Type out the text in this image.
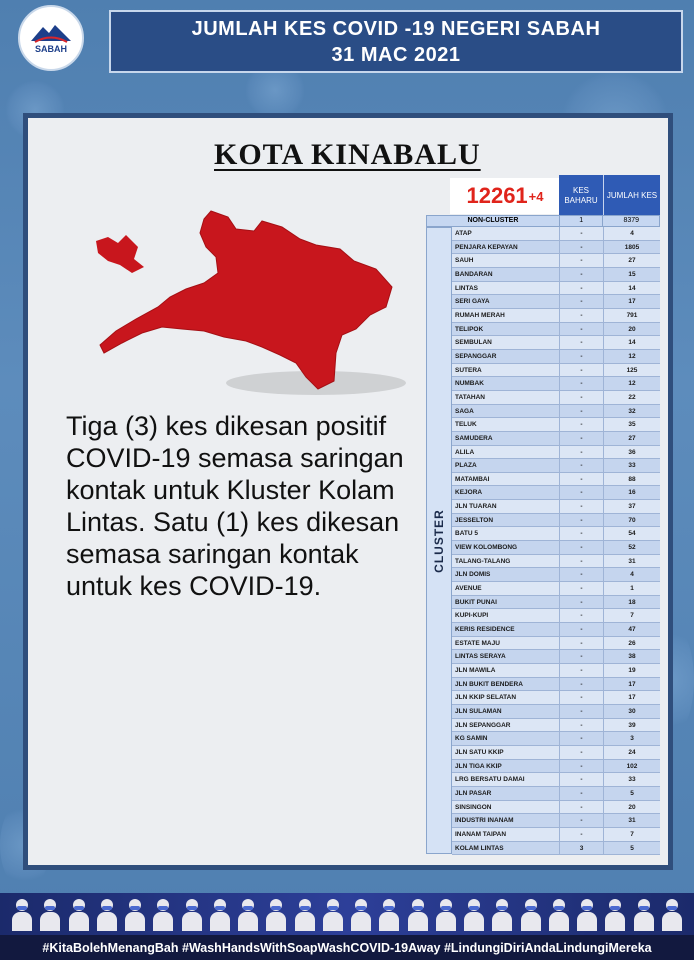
SABAH
JUMLAH KES COVID -19 NEGERI SABAH
31 MAC 2021
KOTA KINABALU
Tiga (3) kes dikesan positif COVID-19 semasa saringan kontak untuk Kluster Kolam Lintas. Satu (1) kes dikesan semasa saringan kontak untuk kes COVID-19.
12261 +4	KES BAHARU
JUMLAH KES
NON-CLUSTER	1	8379
CLUSTER
ATAP	-	4
PENJARA KEPAYAN	-	1805
SAUH	-	27
BANDARAN	-	15
LINTAS	-	14
SERI GAYA	-	17
RUMAH MERAH	-	791
TELIPOK	-	20
SEMBULAN	-	14
SEPANGGAR	-	12
SUTERA	-	125
NUMBAK	-	12
TATAHAN	-	22
SAGA	-	32
TELUK	-	35
SAMUDERA	-	27
ALILA	-	36
PLAZA	-	33
MATAMBAI	-	88
KEJORA	-	16
JLN TUARAN	-	37
JESSELTON	-	70
BATU 5	-	54
VIEW KOLOMBONG	-	52
TALANG-TALANG	-	31
JLN DOMIS	-	4
AVENUE	-	1
BUKIT PUNAI	-	18
KUPI-KUPI	-	7
KERIS RESIDENCE	-	47
ESTATE MAJU	-	26
LINTAS SERAYA	-	38
JLN MAWILA	-	19
JLN BUKIT BENDERA	-	17
JLN KKIP SELATAN	-	17
JLN SULAMAN	-	30
JLN SEPANGGAR	-	39
KG SAMIN	-	3
JLN SATU KKIP	-	24
JLN TIGA KKIP	-	102
LRG BERSATU DAMAI	-	33
JLN PASAR	-	5
SINSINGON	-	20
INDUSTRI INANAM	-	31
INANAM TAIPAN	-	7
KOLAM LINTAS	3	5
#KitaBolehMenangBah #WashHandsWithSoapWashCOVID-19Away #LindungiDiriAndaLindungiMereka
